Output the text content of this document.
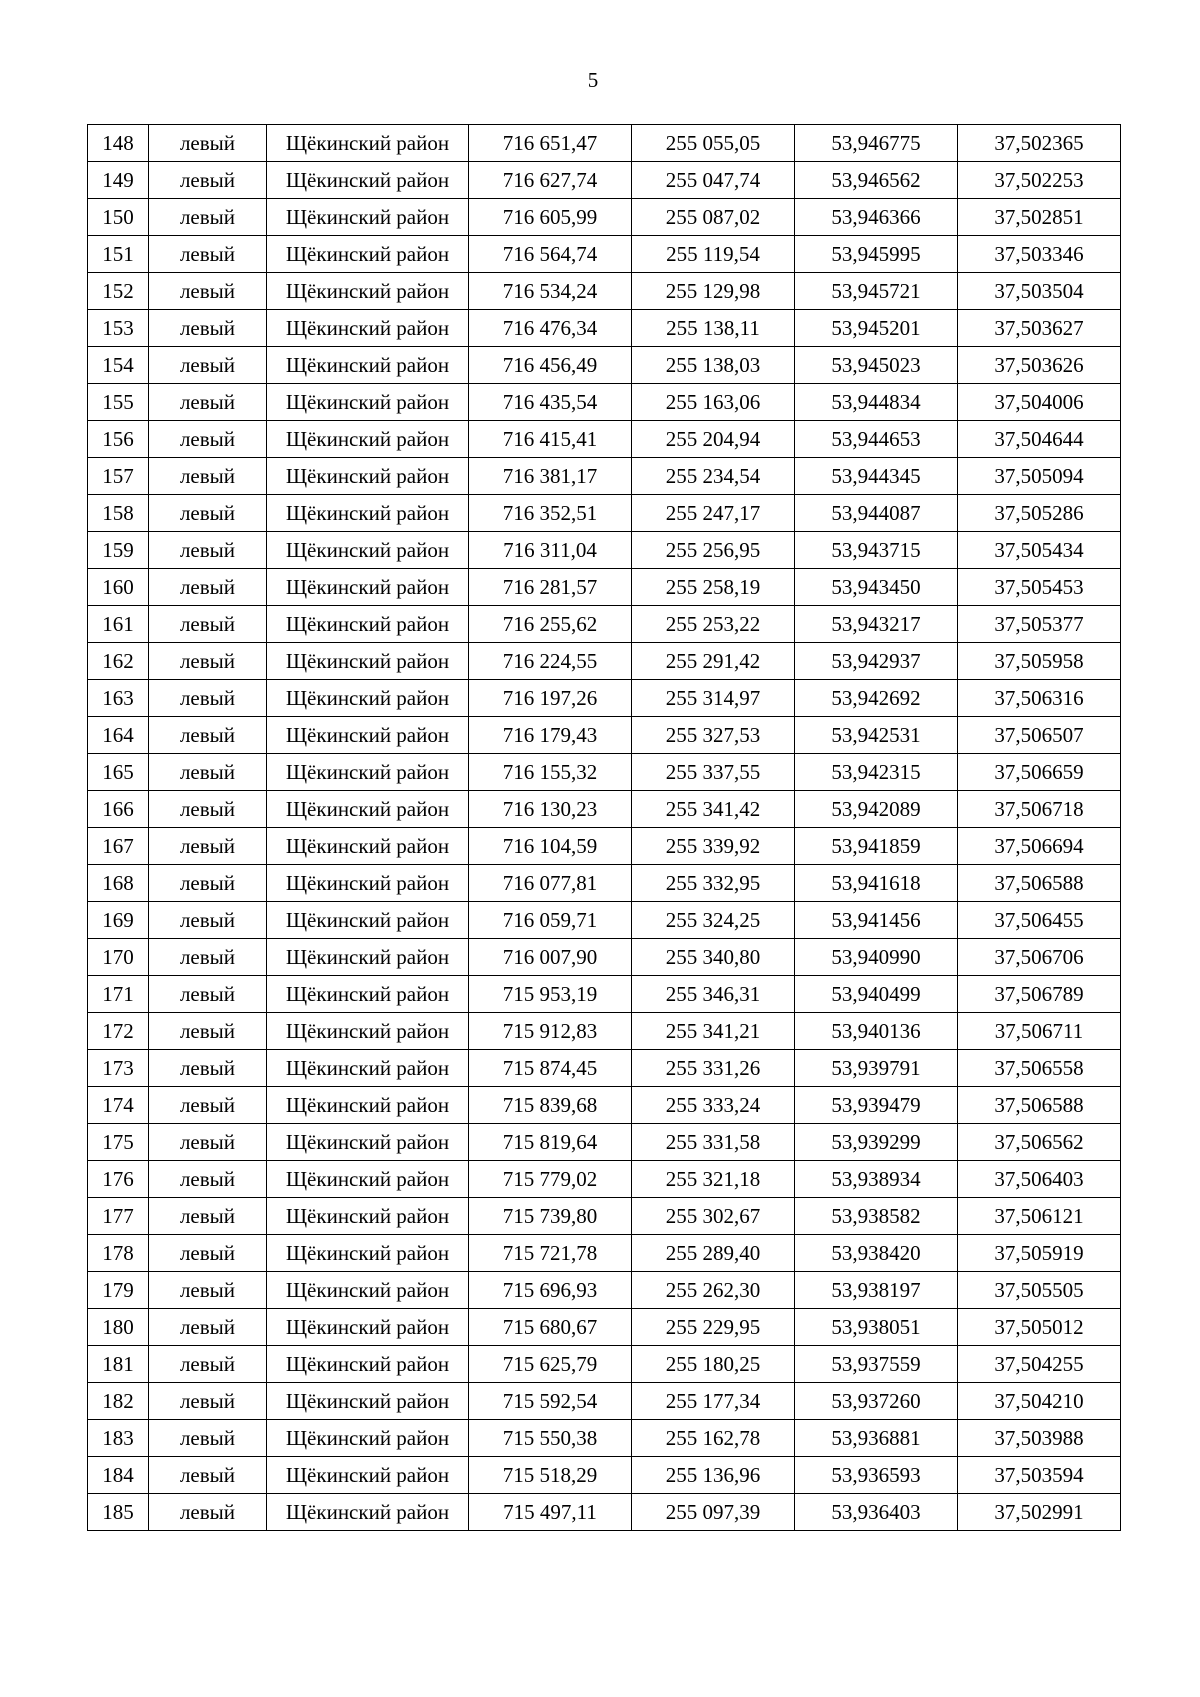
5
148	левый	Щёкинский район	716 651,47	255 055,05	53,946775	37,502365
149	левый	Щёкинский район	716 627,74	255 047,74	53,946562	37,502253
150	левый	Щёкинский район	716 605,99	255 087,02	53,946366	37,502851
151	левый	Щёкинский район	716 564,74	255 119,54	53,945995	37,503346
152	левый	Щёкинский район	716 534,24	255 129,98	53,945721	37,503504
153	левый	Щёкинский район	716 476,34	255 138,11	53,945201	37,503627
154	левый	Щёкинский район	716 456,49	255 138,03	53,945023	37,503626
155	левый	Щёкинский район	716 435,54	255 163,06	53,944834	37,504006
156	левый	Щёкинский район	716 415,41	255 204,94	53,944653	37,504644
157	левый	Щёкинский район	716 381,17	255 234,54	53,944345	37,505094
158	левый	Щёкинский район	716 352,51	255 247,17	53,944087	37,505286
159	левый	Щёкинский район	716 311,04	255 256,95	53,943715	37,505434
160	левый	Щёкинский район	716 281,57	255 258,19	53,943450	37,505453
161	левый	Щёкинский район	716 255,62	255 253,22	53,943217	37,505377
162	левый	Щёкинский район	716 224,55	255 291,42	53,942937	37,505958
163	левый	Щёкинский район	716 197,26	255 314,97	53,942692	37,506316
164	левый	Щёкинский район	716 179,43	255 327,53	53,942531	37,506507
165	левый	Щёкинский район	716 155,32	255 337,55	53,942315	37,506659
166	левый	Щёкинский район	716 130,23	255 341,42	53,942089	37,506718
167	левый	Щёкинский район	716 104,59	255 339,92	53,941859	37,506694
168	левый	Щёкинский район	716 077,81	255 332,95	53,941618	37,506588
169	левый	Щёкинский район	716 059,71	255 324,25	53,941456	37,506455
170	левый	Щёкинский район	716 007,90	255 340,80	53,940990	37,506706
171	левый	Щёкинский район	715 953,19	255 346,31	53,940499	37,506789
172	левый	Щёкинский район	715 912,83	255 341,21	53,940136	37,506711
173	левый	Щёкинский район	715 874,45	255 331,26	53,939791	37,506558
174	левый	Щёкинский район	715 839,68	255 333,24	53,939479	37,506588
175	левый	Щёкинский район	715 819,64	255 331,58	53,939299	37,506562
176	левый	Щёкинский район	715 779,02	255 321,18	53,938934	37,506403
177	левый	Щёкинский район	715 739,80	255 302,67	53,938582	37,506121
178	левый	Щёкинский район	715 721,78	255 289,40	53,938420	37,505919
179	левый	Щёкинский район	715 696,93	255 262,30	53,938197	37,505505
180	левый	Щёкинский район	715 680,67	255 229,95	53,938051	37,505012
181	левый	Щёкинский район	715 625,79	255 180,25	53,937559	37,504255
182	левый	Щёкинский район	715 592,54	255 177,34	53,937260	37,504210
183	левый	Щёкинский район	715 550,38	255 162,78	53,936881	37,503988
184	левый	Щёкинский район	715 518,29	255 136,96	53,936593	37,503594
185	левый	Щёкинский район	715 497,11	255 097,39	53,936403	37,502991
